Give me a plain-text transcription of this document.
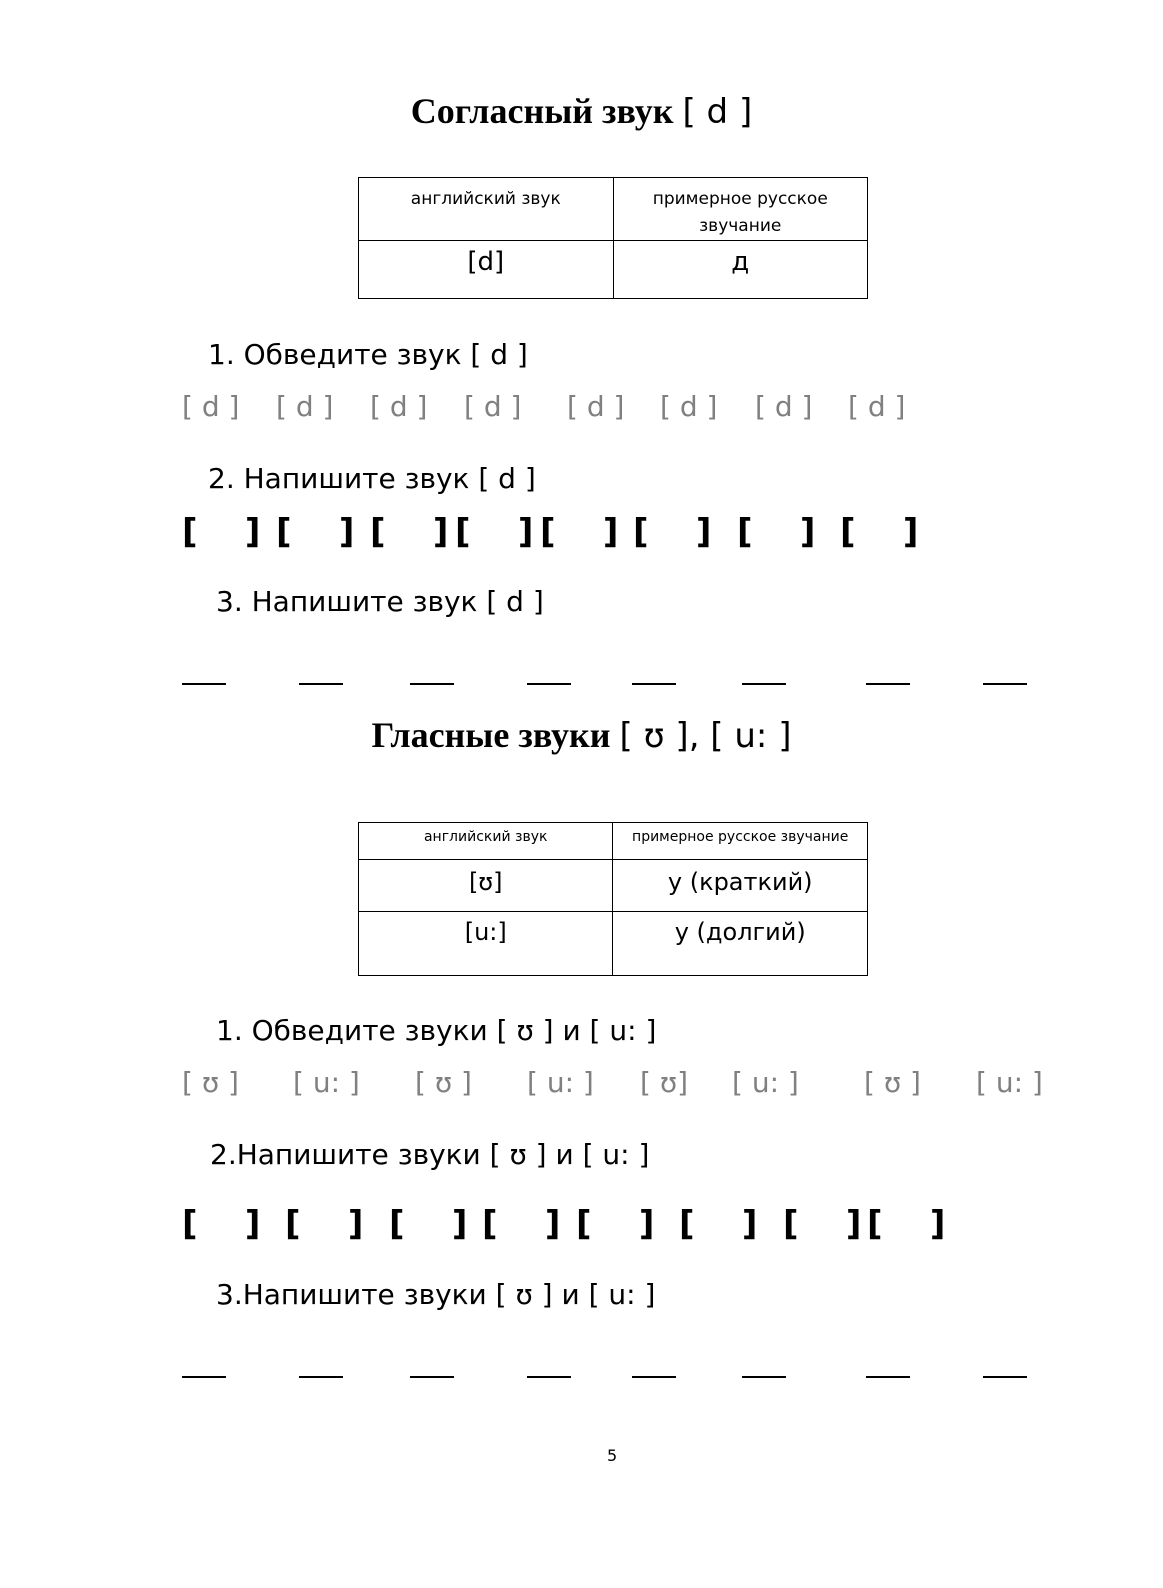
Согласный звук [ d ]
английский звук	примерное русское звучание
[d]	д
1. Обведите звук [ d ]
[ d ] [ d ] [ d ] [ d ] [ d ] [ d ] [ d ] [ d ]
2. Напишите звук [ d ]
[    ] [    ] [    ] [    ] [    ] [    ] [    ] [    ]
3. Напишите звук [ d ]
Гласные звуки [ ʊ ], [ u: ]
английский звук	примерное русское звучание
[ʊ]	у (краткий)
[u:]	у (долгий)
1. Обведите звуки [ ʊ ] и [ u: ]
[ ʊ ] [ u: ] [ ʊ ] [ u: ] [ ʊ] [ u: ] [ ʊ ] [ u: ]
2.Напишите звуки [ ʊ ] и [ u: ]
[    ] [    ] [    ] [    ] [    ] [    ] [    ] [    ]
3.Напишите звуки [ ʊ ] и [ u: ]
5
